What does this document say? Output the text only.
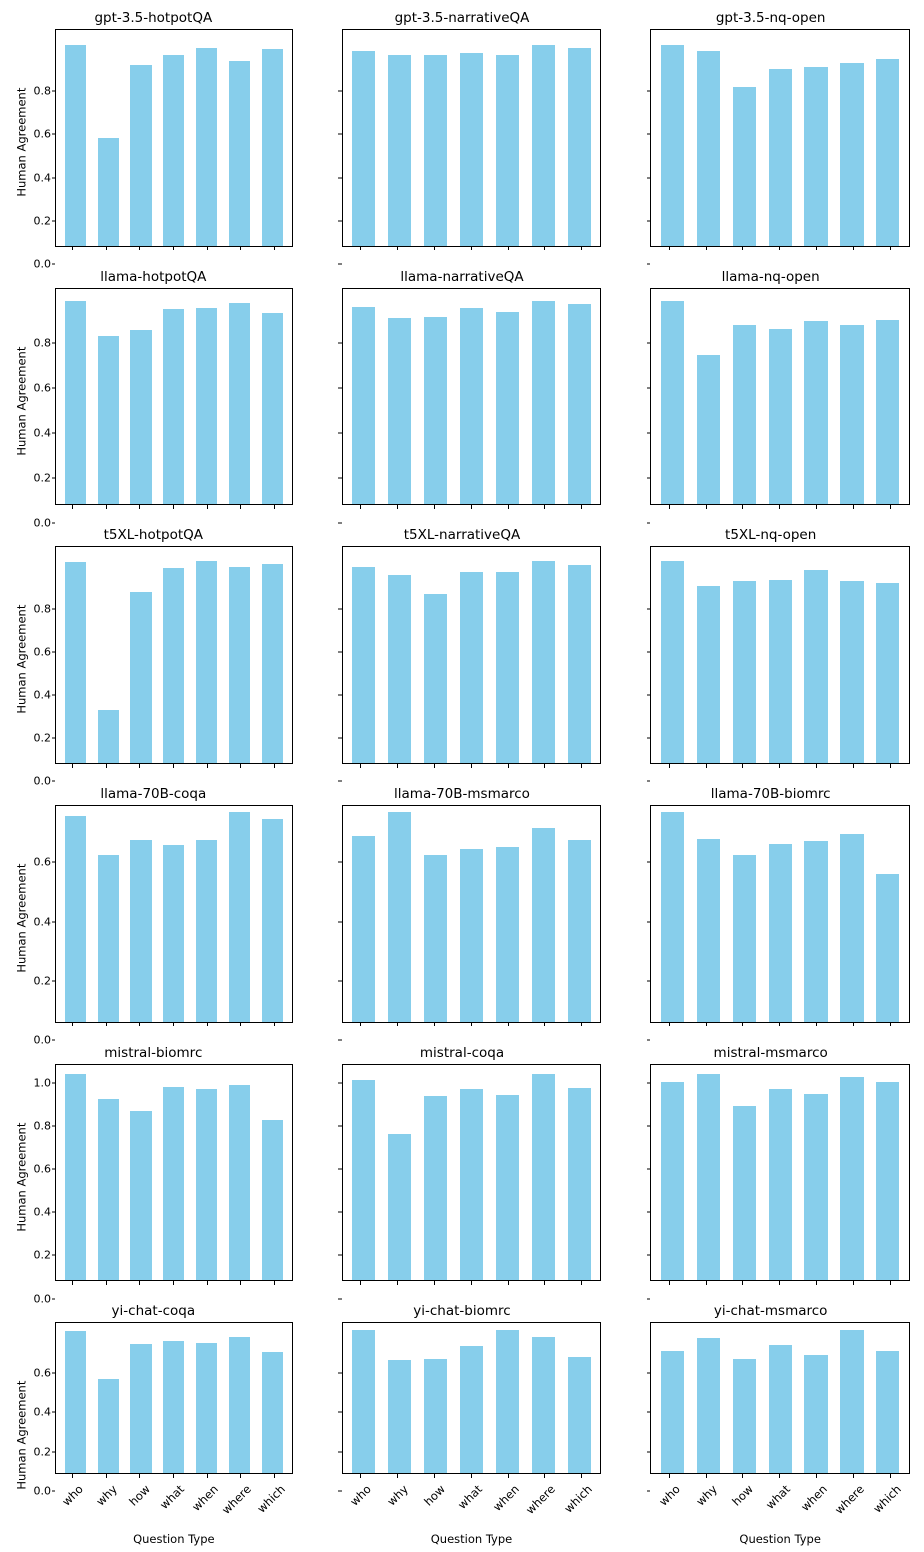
gpt-3.5-hotpotQA
Human Agreement
0.0
0.2
0.4
0.6
0.8
gpt-3.5-narrativeQA	gpt-3.5-nq-open
llama-hotpotQA
Human Agreement
0.0
0.2
0.4
0.6
0.8
llama-narrativeQA	llama-nq-open
t5XL-hotpotQA
Human Agreement
0.0
0.2
0.4
0.6
0.8
t5XL-narrativeQA	t5XL-nq-open
llama-70B-coqa
Human Agreement
0.0
0.2
0.4
0.6
llama-70B-msmarco	llama-70B-biomrc
mistral-biomrc
Human Agreement
0.0
0.2
0.4
0.6
0.8
1.0
mistral-coqa	mistral-msmarco
yi-chat-coqa
Human Agreement
0.0
0.2
0.4
0.6
who why how what when
where which
Question Type
yi-chat-biomrc
who why how what when where which
Question Type
yi-chat-msmarco
who why how what when where which
Question Type
